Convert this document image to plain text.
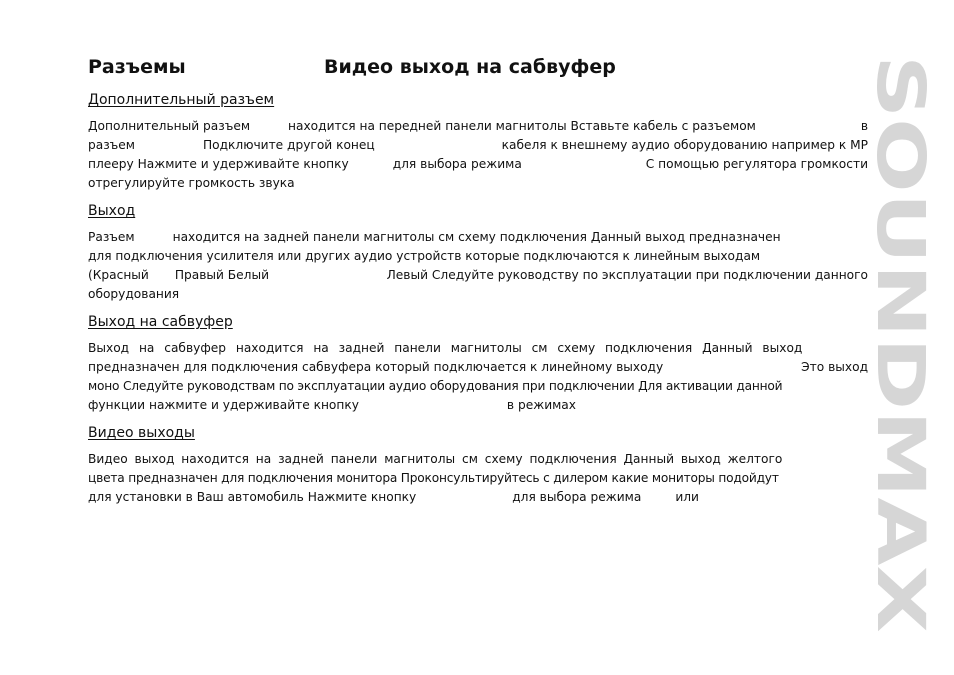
Разъемы	Видео выход на сабвуфер
Дополнительный разъем
Дополнительный разъем	находится на передней панели магнитолы Вставьте кабель с разъемом	в
разъем	Подключите другой конец	кабеля к внешнему аудио оборудованию например к MP
плееру Нажмите и удерживайте кнопку	для выбора режима	С помощью регулятора громкости
отрегулируйте громкость звука
Выход
Разъем	находится на задней панели магнитолы см схему подключения Данный выход предназначен
для подключения усилителя или других аудио устройств которые подключаются к линейным выходам
(Красный Правый Белый	Левый Следуйте руководству по эксплуатации при подключении данного
оборудования
Выход на сабвуфер
Выход на сабвуфер находится на задней панели магнитолы см схему подключения Данный выход
предназначен для подключения сабвуфера который подключается к линейному выходу	Это выход
моно Следуйте руководствам по эксплуатации аудио оборудования при подключении Для активации данной
функции нажмите и удерживайте кнопку	в режимах
Видео выходы
Видео выход находится на задней панели магнитолы см схему подключения Данный выход желтого
цвета предназначен для подключения монитора Проконсультируйтесь с дилером какие мониторы подойдут
для установки в Ваш автомобиль Нажмите кнопку	для выбора режима	или
SOUNDMAX
